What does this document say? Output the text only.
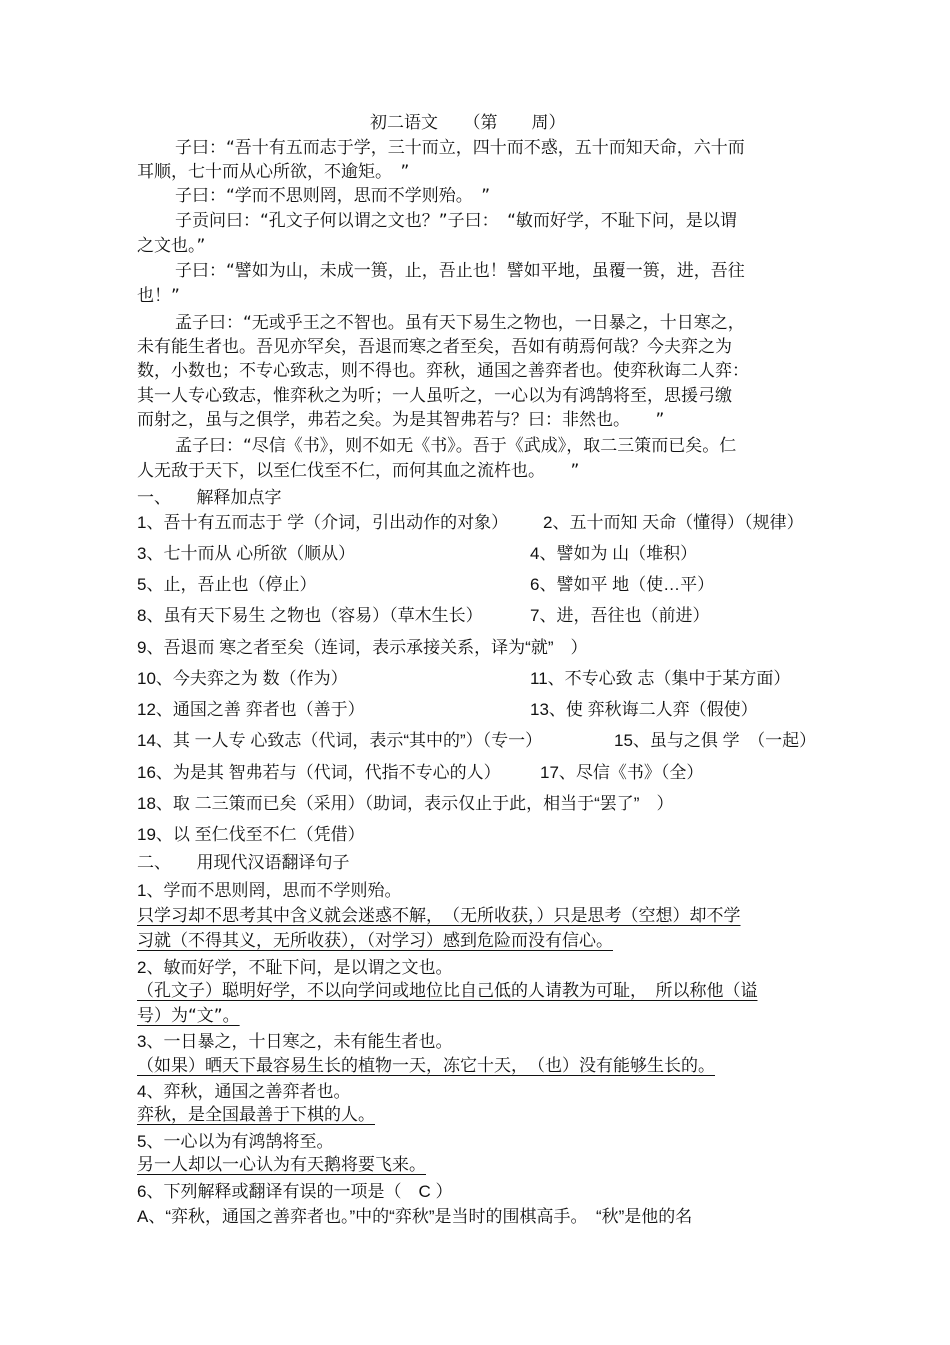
初二语文　　（第　　周）
子曰：“吾十有五而志于学，三十而立，四十而不惑，五十而知天命，六十而
耳顺，七十而从心所欲，不逾矩。　”
子曰：“学而不思则罔，思而不学则殆。　”
子贡问曰：“孔文子何以谓之文也？”子曰：　“敏而好学，不耻下问，是以谓
之文也。”
子曰：“譬如为山，未成一篑，止，吾止也！譬如平地，虽覆一篑，进，吾往
也！”
孟子曰：“无或乎王之不智也。虽有天下易生之物也，一日暴之，十日寒之，
未有能生者也。吾见亦罕矣，吾退而寒之者至矣，吾如有萌焉何哉？今夫弈之为
数，小数也；不专心致志，则不得也。弈秋，通国之善弈者也。使弈秋诲二人弈：
其一人专心致志，惟弈秋之为听；一人虽听之，一心以为有鸿鹄将至，思援弓缴
而射之，虽与之俱学，弗若之矣。为是其智弗若与？曰：非然也。　　”
孟子曰：“尽信《书》，则不如无《书》。吾于《武成》，取二三策而已矣。仁
人无敌于天下，以至仁伐至不仁，而何其血之流杵也。　　”
一、　　解释加点字
1、吾十有五而志于 学（介词，引出动作的对象） 2、五十而知 天命（懂得）（规律）
3、七十而从 心所欲（顺从）	4、譬如为 山（堆积）
5、止，吾止也（停止）	6、譬如平 地（使…平）
8、虽有天下易生 之物也（容易）（草木生长）	7、进，吾往也（前进）
9、吾退而 寒之者至矣（连词，表示承接关系，译为“就”　）
10、今夫弈之为 数（作为）	11、不专心致 志（集中于某方面）
12、通国之善 弈者也（善于）	13、使 弈秋诲二人弈（假使）
14、其 一人专 心致志（代词，表示“其中的”）（专一）	15、虽与之俱 学　（一起）
16、为是其 智弗若与（代词，代指不专心的人） 17、尽信《书》（全）
18、取 二三策而已矣（采用）（助词，表示仅止于此，相当于“罢了”　）
19、以 至仁伐至不仁（凭借）
二、　　用现代汉语翻译句子
1、学而不思则罔，思而不学则殆。
只学习却不思考其中含义就会迷惑不解，　（无所收获，）只是思考（空想）却不学
习就（不得其义，无所收获），（对学习）感到危险而没有信心。
2、敏而好学，不耻下问，是以谓之文也。
（孔文子）聪明好学，不以向学问或地位比自己低的人请教为可耻，　所以称他（谥
号）为“文”。
3、一日暴之，十日寒之，未有能生者也。
（如果）晒天下最容易生长的植物一天，冻它十天，　（也）没有能够生长的。
4、弈秋，通国之善弈者也。
弈秋，是全国最善于下棋的人。
5、一心以为有鸿鹄将至。
另一人却以一心认为有天鹅将要飞来。
6、下列解释或翻译有误的一项是（　C ）
A、“弈秋，通国之善弈者也。”中的“弈秋”是当时的围棋高手。　“秋”是他的名
